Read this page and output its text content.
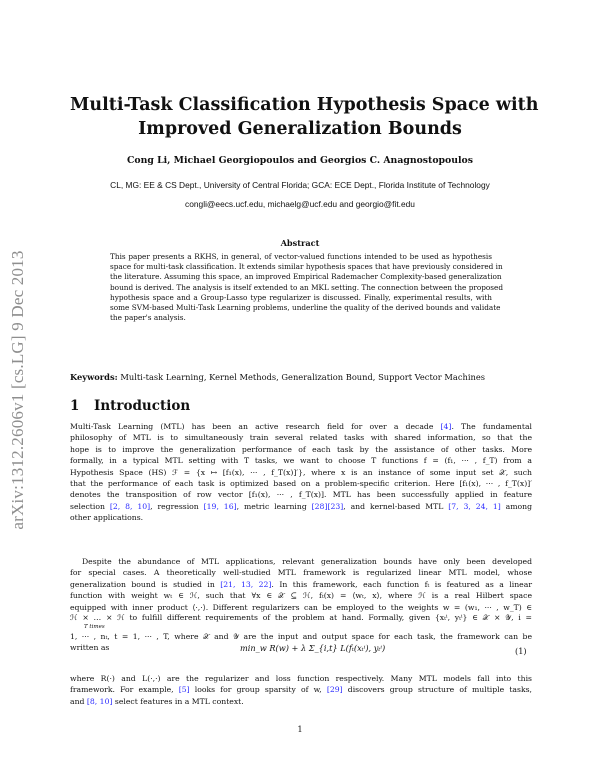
arXiv:1312.2606v1 [cs.LG] 9 Dec 2013
Multi-Task Classification Hypothesis Space with
Improved Generalization Bounds
Cong Li, Michael Georgiopoulos and Georgios C. Anagnostopoulos
CL, MG: EE & CS Dept., University of Central Florida; GCA: ECE Dept., Florida Institute of Technology
congli@eecs.ucf.edu, michaelg@ucf.edu and georgio@fit.edu
Abstract
This paper presents a RKHS, in general, of vector-valued functions intended to be used as hypothesis
space for multi-task classification. It extends similar hypothesis spaces that have previously considered in
the literature. Assuming this space, an improved Empirical Rademacher Complexity-based generalization
bound is derived. The analysis is itself extended to an MKL setting. The connection between the proposed
hypothesis space and a Group-Lasso type regularizer is discussed. Finally, experimental results, with
some SVM-based Multi-Task Learning problems, underline the quality of the derived bounds and validate
the paper's analysis.
Keywords: Multi-task Learning, Kernel Methods, Generalization Bound, Support Vector Machines
1 Introduction
Multi-Task Learning (MTL) has been an active research field for over a decade [4]. The fundamental
philosophy of MTL is to simultaneously train several related tasks with shared information, so that the
hope is to improve the generalization performance of each task by the assistance of other tasks. More
formally, in a typical MTL setting with T tasks, we want to choose T functions f = (f₁, ··· , f_T) from a
Hypothesis Space (HS) ℱ = {x ↦ [f₁(x), ··· , f_T(x)]′}, where x is an instance of some input set 𝒳, such
that the performance of each task is optimized based on a problem-specific criterion. Here [f₁(x), ··· , f_T(x)]′
denotes the transposition of row vector [f₁(x), ··· , f_T(x)]. MTL has been successfully applied in feature
selection [2, 8, 10], regression [19, 16], metric learning [28][23], and kernel-based MTL [7, 3, 24, 1] among
other applications.
Despite the abundance of MTL applications, relevant generalization bounds have only been developed
for special cases. A theoretically well-studied MTL framework is regularized linear MTL model, whose
generalization bound is studied in [21, 13, 22]. In this framework, each function fₜ is featured as a linear
function with weight wₜ ∈ ℋ, such that ∀x ∈ 𝒳 ⊆ ℋ, fₜ(x) = ⟨wₜ, x⟩, where ℋ is a real Hilbert space
equipped with inner product ⟨·,·⟩. Different regularizers can be employed to the weights w = (w₁, ··· , w_T) ∈
ℋ × … × ℋ to fulfill different requirements of the problem at hand. Formally, given {xₜⁱ, yₜⁱ} ∈ 𝒳 × 𝒴, i =
T times
1, ··· , nₜ, t = 1, ··· , T, where 𝒳 and 𝒴 are the input and output space for each task, the framework can be
written as	min_w R(w) + λ Σ_{i,t} L(fₜ(xₜⁱ), yₜⁱ)	(1)
where R(·) and L(·,·) are the regularizer and loss function respectively. Many MTL models fall into this
framework. For example, [5] looks for group sparsity of w, [29] discovers group structure of multiple tasks,
and [8, 10] select features in a MTL context.
1
